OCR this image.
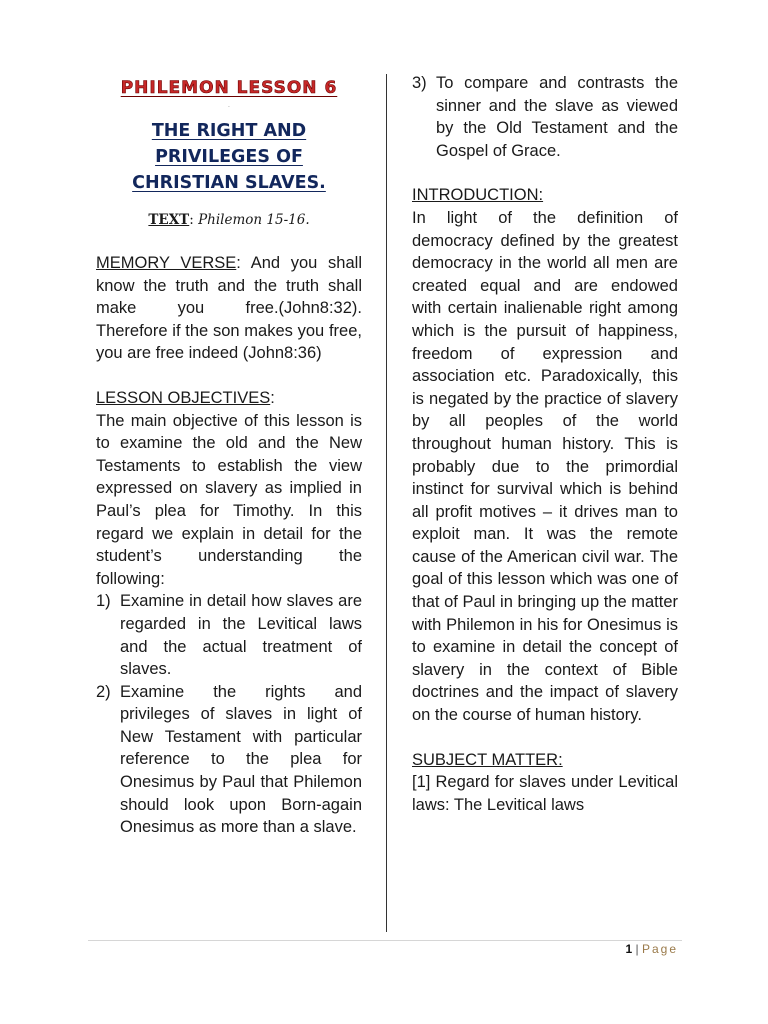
PHILEMON LESSON 6
.
THE RIGHT AND
PRIVILEGES OF
CHRISTIAN SLAVES.
TEXT: Philemon 15-16.

MEMORY VERSE: And you shall know the truth and the truth shall make you free.(John8:32). Therefore if the son makes you free, you are free indeed (John8:36)

LESSON OBJECTIVES:

The main objective of this lesson is to examine the old and the New Testaments to establish the view expressed on slavery as implied in Paul’s plea for Timothy. In this regard we explain in detail for the student’s understanding the following:

1) Examine in detail how slaves are regarded in the Levitical laws and the actual treatment of slaves.
2) Examine the rights and privileges of slaves in light of New Testament with particular reference to the plea for Onesimus by Paul that Philemon should look upon Born-again Onesimus as more than a slave.
3) To compare and contrasts the sinner and the slave as viewed by the Old Testament and the Gospel of Grace.

INTRODUCTION:

In light of the definition of democracy defined by the greatest democracy in the world all men are created equal and are endowed with certain inalienable right among which is the pursuit of happiness, freedom of expression and association etc. Paradoxically, this is negated by the practice of slavery by all peoples of the world throughout human history. This is probably due to the primordial instinct for survival which is behind all profit motives – it drives man to exploit man. It was the remote cause of the American civil war. The goal of this lesson which was one of that of Paul in bringing up the matter with Philemon in his for Onesimus is to examine in detail the concept of slavery in the context of Bible doctrines and the impact of slavery on the course of human history.

SUBJECT MATTER:

[1] Regard for slaves under Levitical laws: The Levitical laws

1 | Page
